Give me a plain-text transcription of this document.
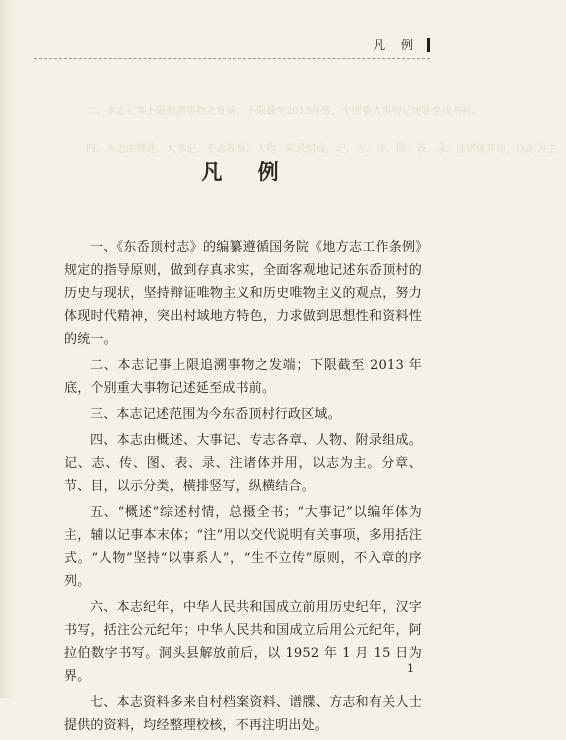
凡 例
二、本志记事上限追溯事物之发端；下限截至2013年底，个别重大事物记述延至成书前。
四、本志由概述、大事记、专志各章、人物、附录组成。记、志、传、图、表、录、注诸体并用，以志为主。
凡 例

一、《东岙顶村志》的编纂遵循国务院《地方志工作条例》规定的指导原则，做到存真求实，全面客观地记述东岙顶村的历史与现状，坚持辩证唯物主义和历史唯物主义的观点，努力体现时代精神，突出村域地方特色，力求做到思想性和资料性的统一。

二、本志记事上限追溯事物之发端；下限截至 2013 年底，个别重大事物记述延至成书前。

三、本志记述范围为今东岙顶村行政区域。

四、本志由概述、大事记、专志各章、人物、附录组成。记、志、传、图、表、录、注诸体并用，以志为主。分章、节、目，以示分类，横排竖写，纵横结合。

五、“概述”综述村情，总摄全书；“大事记”以编年体为主，辅以记事本末体；“注”用以交代说明有关事项，多用括注式。“人物”坚持“以事系人”，“生不立传”原则，不入章的序列。

六、本志纪年，中华人民共和国成立前用历史纪年，汉字书写，括注公元纪年；中华人民共和国成立后用公元纪年，阿拉伯数字书写。洞头县解放前后，以 1952 年 1 月 15 日为界。

七、本志资料多来自村档案资料、谱牒、方志和有关人士提供的资料，均经整理校核，不再注明出处。

1
